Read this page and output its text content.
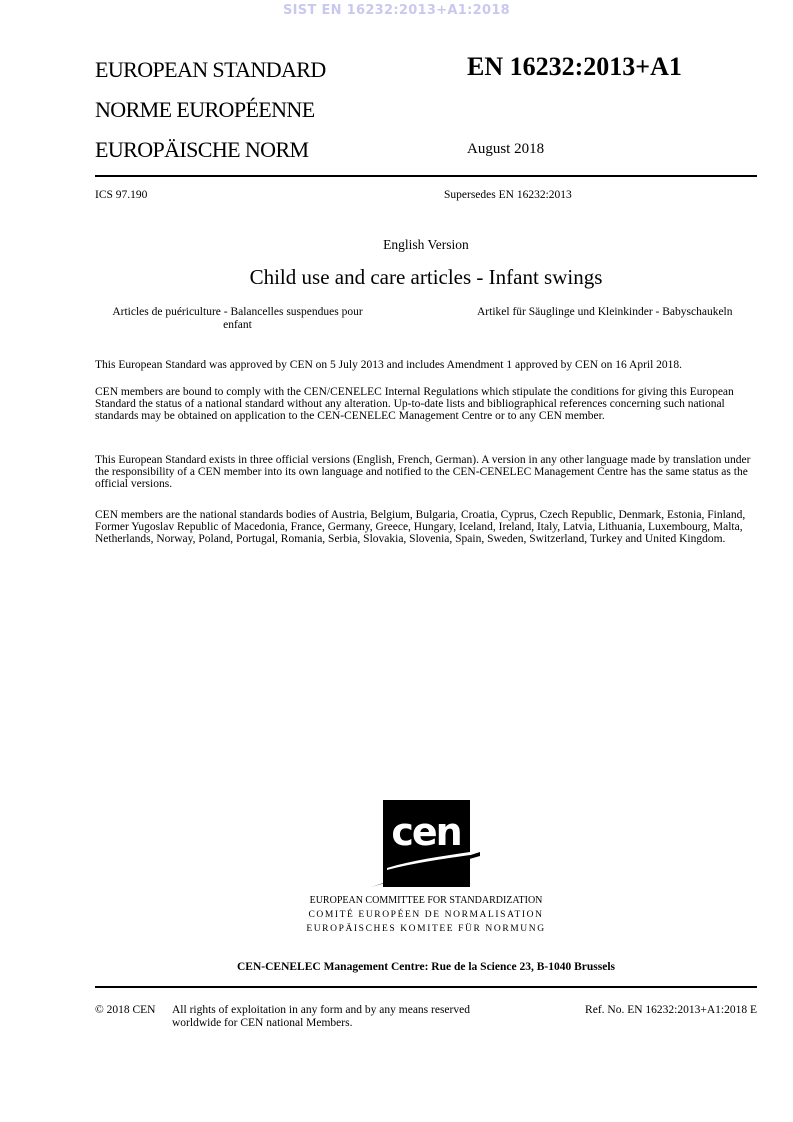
SIST EN 16232:2013+A1:2018
EUROPEAN STANDARD
NORME EUROPÉENNE
EUROPÄISCHE NORM
EN 16232:2013+A1
August 2018
ICS 97.190	Supersedes EN 16232:2013
English Version
Child use and care articles - Infant swings
Articles de puériculture - Balancelles suspendues pour
enfant
Artikel für Säuglinge und Kleinkinder - Babyschaukeln

This European Standard was approved by CEN on 5 July 2013 and includes Amendment 1 approved by CEN on 16 April 2018.

CEN members are bound to comply with the CEN/CENELEC Internal Regulations which stipulate the conditions for giving this European Standard the status of a national standard without any alteration. Up-to-date lists and bibliographical references concerning such national standards may be obtained on application to the CEN-CENELEC Management Centre or to any CEN member.

This European Standard exists in three official versions (English, French, German). A version in any other language made by translation under the responsibility of a CEN member into its own language and notified to the CEN-CENELEC Management Centre has the same status as the official versions.

CEN members are the national standards bodies of Austria, Belgium, Bulgaria, Croatia, Cyprus, Czech Republic, Denmark, Estonia, Finland, Former Yugoslav Republic of Macedonia, France, Germany, Greece, Hungary, Iceland, Ireland, Italy, Latvia, Lithuania, Luxembourg, Malta, Netherlands, Norway, Poland, Portugal, Romania, Serbia, Slovakia, Slovenia, Spain, Sweden, Switzerland, Turkey and United Kingdom.

cen
EUROPEAN COMMITTEE FOR STANDARDIZATION
COMITÉ EUROPÉEN DE NORMALISATION
EUROPÄISCHES KOMITEE FÜR NORMUNG
CEN-CENELEC Management Centre: Rue de la Science 23, B-1040 Brussels
© 2018 CEN All rights of exploitation in any form and by any means reserved
worldwide for CEN national Members.
Ref. No. EN 16232:2013+A1:2018 E
